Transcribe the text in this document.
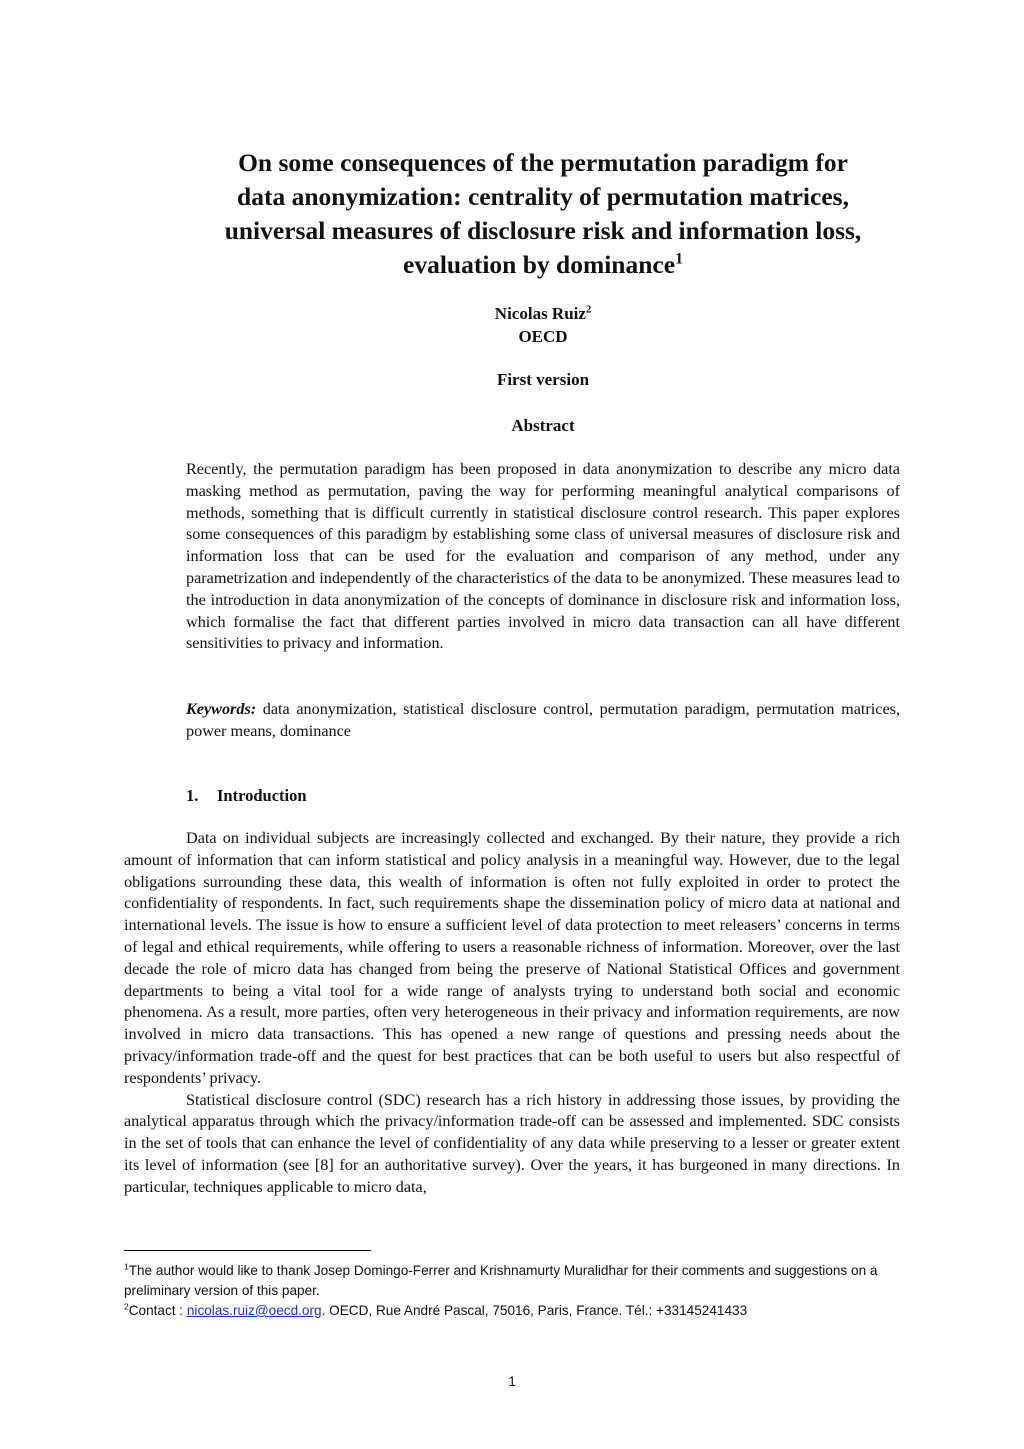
On some consequences of the permutation paradigm for
data anonymization: centrality of permutation matrices,
universal measures of disclosure risk and information loss,
evaluation by dominance$^1$
Nicolas Ruiz$^2$
OECD
First version
Abstract

Recently, the permutation paradigm has been proposed in data anonymization to describe any micro data masking method as permutation, paving the way for performing meaningful analytical comparisons of methods, something that is difficult currently in statistical disclosure control research. This paper explores some consequences of this paradigm by establishing some class of universal measures of disclosure risk and information loss that can be used for the evaluation and comparison of any method, under any parametrization and independently of the characteristics of the data to be anonymized. These measures lead to the introduction in data anonymization of the concepts of dominance in disclosure risk and information loss, which formalise the fact that different parties involved in micro data transaction can all have different sensitivities to privacy and information.

Keywords: data anonymization, statistical disclosure control, permutation paradigm, permutation matrices, power means, dominance

1. Introduction

Data on individual subjects are increasingly collected and exchanged. By their nature, they provide a rich amount of information that can inform statistical and policy analysis in a meaningful way. However, due to the legal obligations surrounding these data, this wealth of information is often not fully exploited in order to protect the confidentiality of respondents. In fact, such requirements shape the dissemination policy of micro data at national and international levels. The issue is how to ensure a sufficient level of data protection to meet releasers’ concerns in terms of legal and ethical requirements, while offering to users a reasonable richness of information. Moreover, over the last decade the role of micro data has changed from being the preserve of National Statistical Offices and government departments to being a vital tool for a wide range of analysts trying to understand both social and economic phenomena. As a result, more parties, often very heterogeneous in their privacy and information requirements, are now involved in micro data transactions. This has opened a new range of questions and pressing needs about the privacy/information trade-off and the quest for best practices that can be both useful to users but also respectful of respondents’ privacy.

Statistical disclosure control (SDC) research has a rich history in addressing those issues, by providing the analytical apparatus through which the privacy/information trade-off can be assessed and implemented. SDC consists in the set of tools that can enhance the level of confidentiality of any data while preserving to a lesser or greater extent its level of information (see [8] for an authoritative survey). Over the years, it has burgeoned in many directions. In particular, techniques applicable to micro data,

$^1$The author would like to thank Josep Domingo-Ferrer and Krishnamurty Muralidhar for their comments and suggestions on a preliminary version of this paper.
$^2$Contact : nicolas.ruiz@oecd.org. OECD, Rue André Pascal, 75016, Paris, France. Tél.: +33145241433
1
